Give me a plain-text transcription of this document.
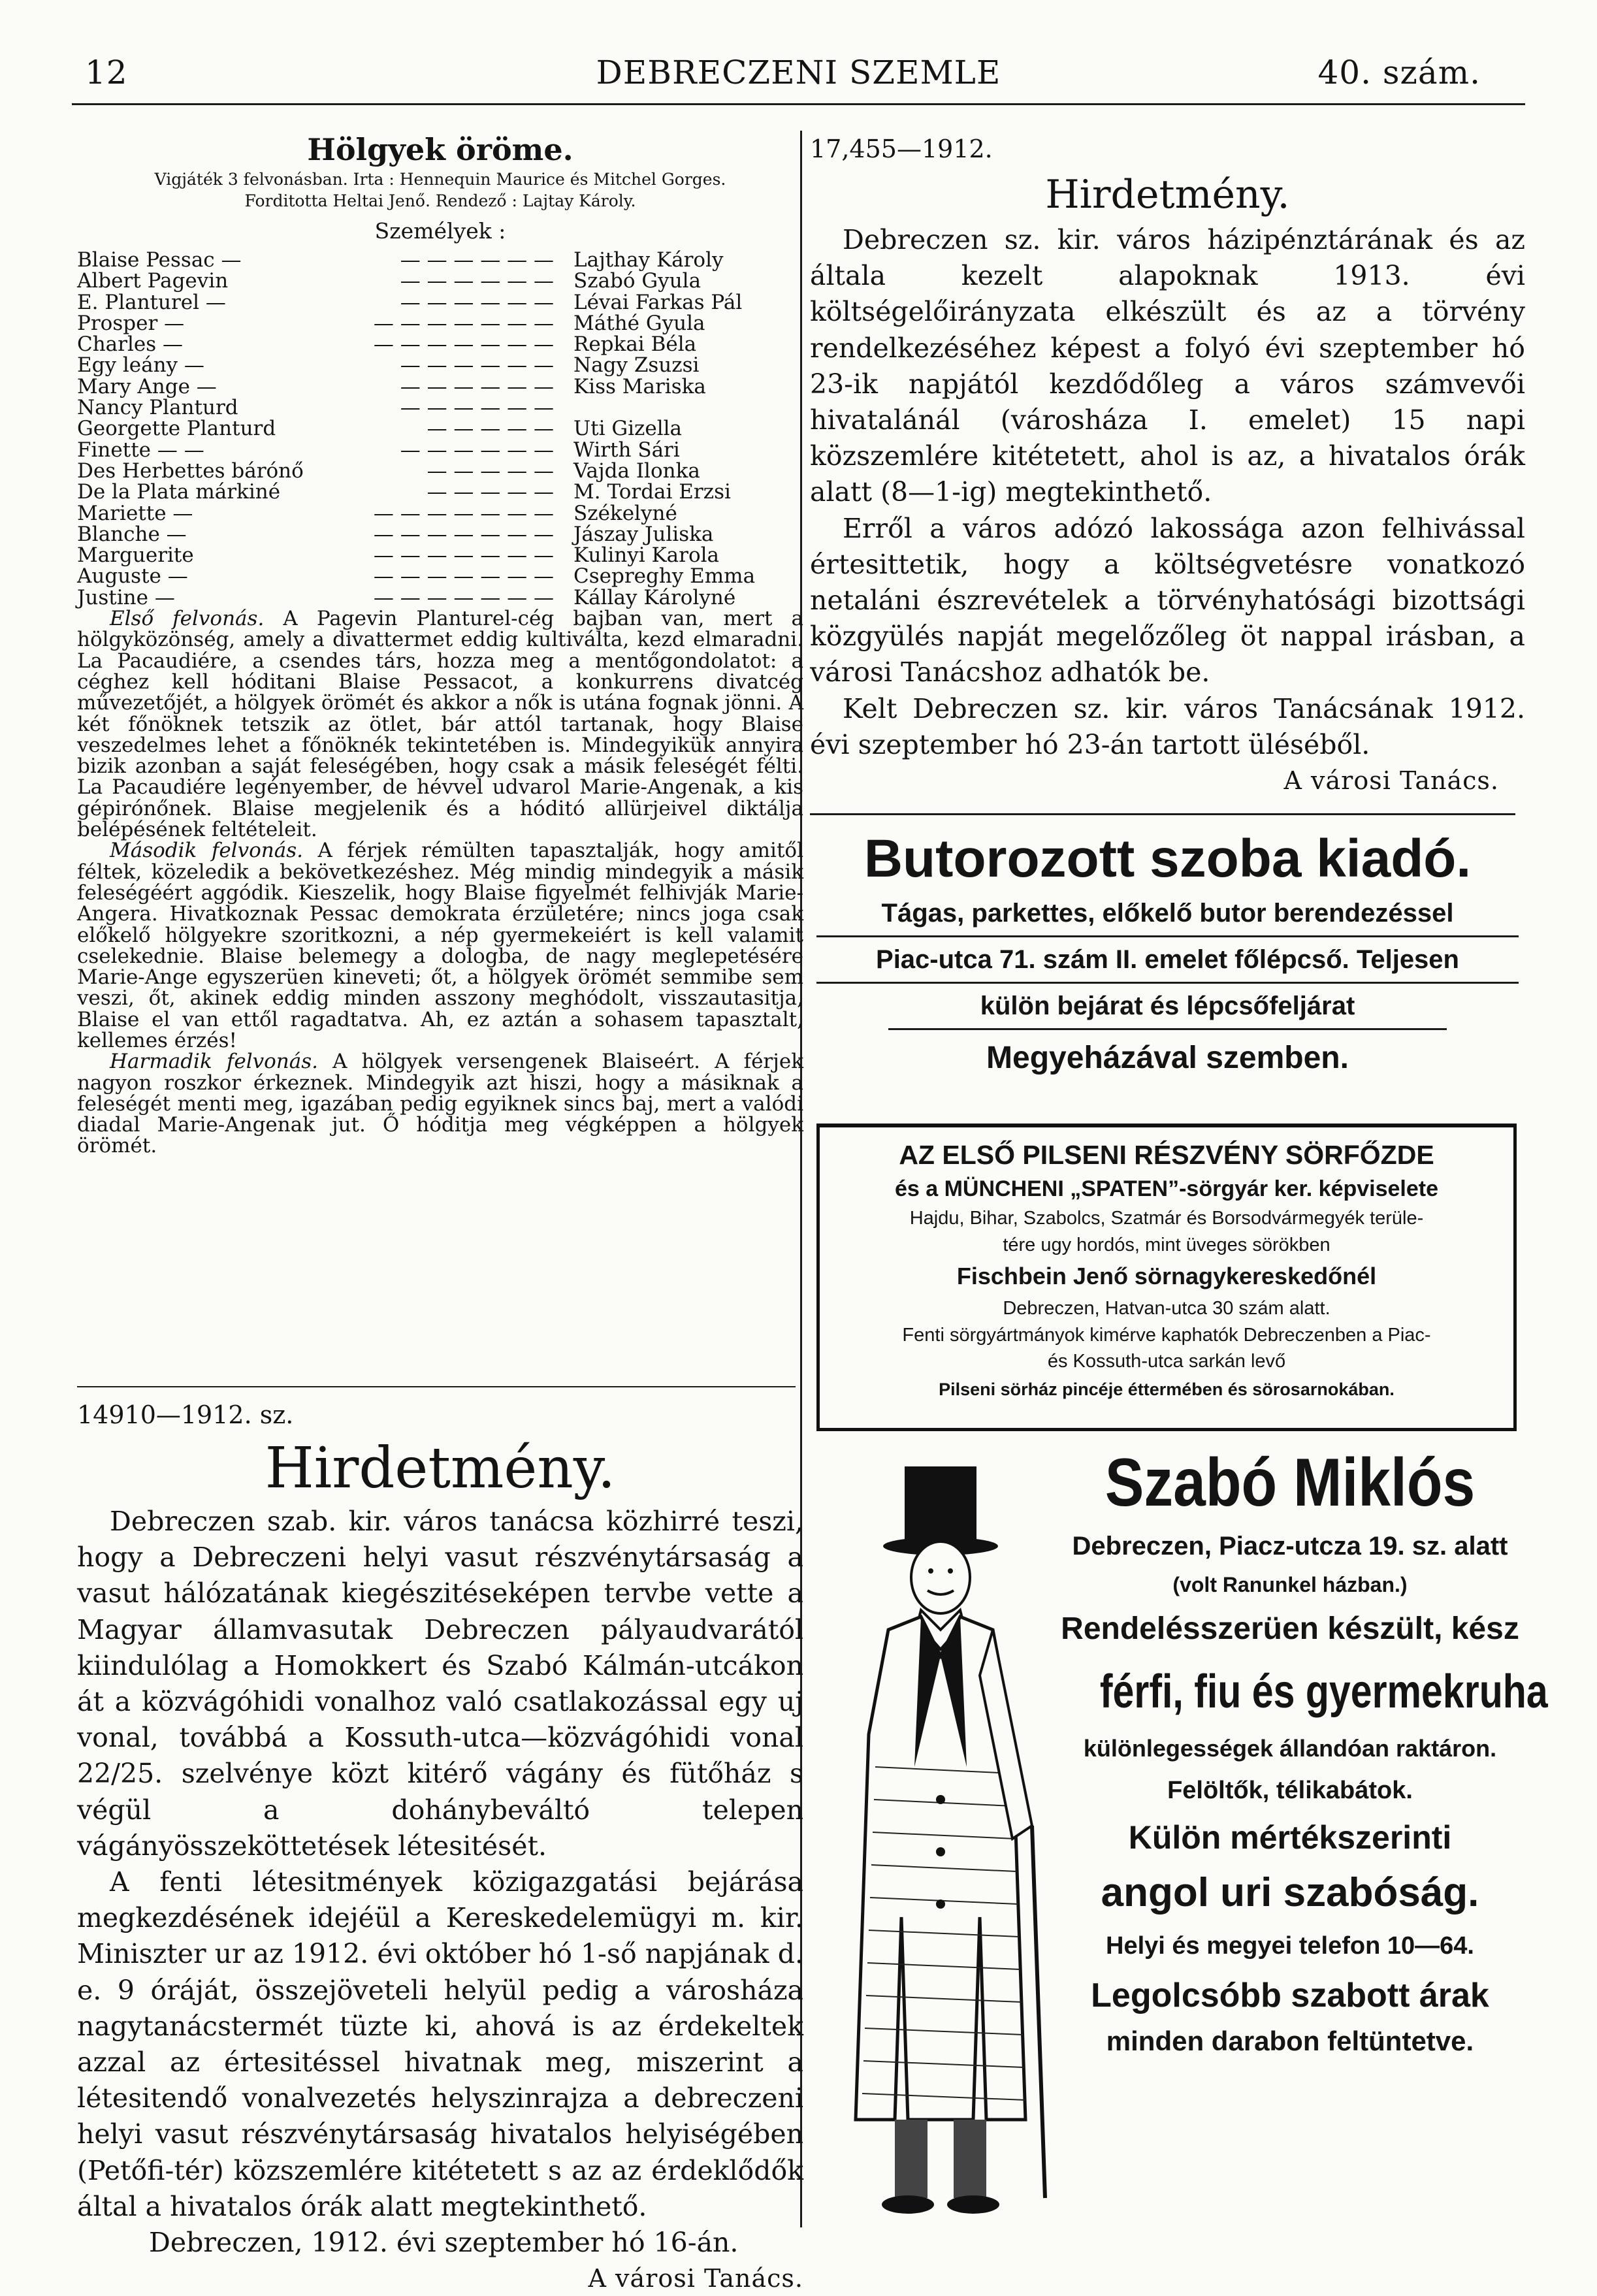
12	DEBRECZENI SZEMLE	40. szám.
Hölgyek öröme.
Vigjáték 3 felvonásban. Irta : Hennequin Maurice és Mitchel Gorges.
Forditotta Heltai Jenő. Rendező : Lajtay Károly.
Személyek :
Blaise Pessac —	— — — — — — Lajthay Károly
Albert Pagevin	— — — — — — Szabó Gyula
E. Planturel —	— — — — — — Lévai Farkas Pál
Prosper —	— — — — — — — Máthé Gyula
Charles —	— — — — — — — Repkai Béla
Egy leány —	— — — — — — Nagy Zsuzsi
Mary Ange —	— — — — — — Kiss Mariska
Nancy Planturd	— — — — — —
Georgette Planturd	— — — — — Uti Gizella
Finette — —	— — — — — — Wirth Sári
Des Herbettes bárónő	— — — — — Vajda Ilonka
De la Plata márkiné	— — — — — M. Tordai Erzsi
Mariette —	— — — — — — — Székelyné
Blanche —	— — — — — — — Jászay Juliska
Marguerite	— — — — — — — Kulinyi Karola
Auguste —	— — — — — — — Csepreghy Emma
Justine —	— — — — — — — Kállay Károlyné

Első felvonás. A Pagevin Planturel-cég bajban van, mert a hölgyközönség, amely a divattermet eddig kultiválta, kezd elmaradni. La Pacaudiére, a csendes társ, hozza meg a mentőgondolatot: a céghez kell hóditani Blaise Pessacot, a konkurrens divatcég művezetőjét, a hölgyek örömét és akkor a nők is utána fognak jönni. A két főnöknek tetszik az ötlet, bár attól tartanak, hogy Blaise veszedelmes lehet a főnöknék tekintetében is. Mindegyikük annyira bizik azonban a saját feleségében, hogy csak a másik feleségét félti. La Pacaudiére legényember, de hévvel udvarol Marie-Angenak, a kis gépirónőnek. Blaise megjelenik és a hóditó allürjeivel diktálja belépésének feltételeit.

Második felvonás. A férjek rémülten tapasztalják, hogy amitől féltek, közeledik a bekövetkezéshez. Még mindig mindegyik a másik feleségéért aggódik. Kieszelik, hogy Blaise figyelmét felhivják Marie-Angera. Hivatkoznak Pessac demokrata érzületére; nincs joga csak előkelő hölgyekre szoritkozni, a nép gyermekeiért is kell valamit cselekednie. Blaise belemegy a dologba, de nagy meglepetésére Marie-Ange egyszerüen kineveti; őt, a hölgyek örömét semmibe sem veszi, őt, akinek eddig minden asszony meghódolt, visszautasitja, Blaise el van ettől ragadtatva. Ah, ez aztán a sohasem tapasztalt, kellemes érzés!

Harmadik felvonás. A hölgyek versengenek Blaiseért. A férjek nagyon roszkor érkeznek. Mindegyik azt hiszi, hogy a másiknak a feleségét menti meg, igazában pedig egyiknek sincs baj, mert a valódi diadal Marie-Angenak jut. Ő hóditja meg végképpen a hölgyek örömét.

14910—1912. sz.
Hirdetmény.

Debreczen szab. kir. város tanácsa közhirré teszi, hogy a Debreczeni helyi vasut részvénytársaság a vasut hálózatának kiegészitéseképen tervbe vette a Magyar államvasutak Debreczen pályaudvarától kiindulólag a Homokkert és Szabó Kálmán-utcákon át a közvágóhidi vonalhoz való csatlakozással egy uj vonal, továbbá a Kossuth-utca—közvágóhidi vonal 22/25. szelvénye közt kitérő vágány és fütőház s végül a dohánybeváltó telepen vágányösszeköttetések létesitését.

A fenti létesitmények közigazgatási bejárása megkezdésének idejéül a Kereskedelemügyi m. kir. Miniszter ur az 1912. évi október hó 1-ső napjának d. e. 9 óráját, összejöveteli helyül pedig a városháza nagytanácstermét tüzte ki, ahová is az érdekeltek azzal az értesitéssel hivatnak meg, miszerint a létesitendő vonalvezetés helyszinrajza a debreczeni helyi vasut részvénytársaság hivatalos helyiségében (Petőfi-tér) közszemlére kitétetett s az az érdeklődők által a hivatalos órák alatt megtekinthető.

Debreczen, 1912. évi szeptember hó 16-án.

A városi Tanács.

17,455—1912.
Hirdetmény.

Debreczen sz. kir. város házipénztárának és az általa kezelt alapoknak 1913. évi költségelőirányzata elkészült és az a törvény rendelkezéséhez képest a folyó évi szeptember hó 23-ik napjától kezdődőleg a város számvevői hivatalánál (városháza I. emelet) 15 napi közszemlére kitétetett, ahol is az, a hivatalos órák alatt (8—1-ig) megtekinthető.

Erről a város adózó lakossága azon felhivással értesittetik, hogy a költségvetésre vonatkozó netaláni észrevételek a törvényhatósági bizottsági közgyülés napját megelőzőleg öt nappal irásban, a városi Tanácshoz adhatók be.

Kelt Debreczen sz. kir. város Tanácsának 1912. évi szeptember hó 23-án tartott üléséből.

A városi Tanács.

Butorozott szoba kiadó.
Tágas, parkettes, előkelő butor berendezéssel
Piac-utca 71. szám II. emelet főlépcső. Teljesen
külön bejárat és lépcsőfeljárat
Megyeházával szemben.
AZ ELSŐ PILSENI RÉSZVÉNY SÖRFŐZDE
és a MÜNCHENI „SPATEN”-sörgyár ker. képviselete
Hajdu, Bihar, Szabolcs, Szatmár és Borsodvármegyék terüle-
tére ugy hordós, mint üveges sörökben
Fischbein Jenő sörnagykereskedőnél
Debreczen, Hatvan-utca 30 szám alatt.
Fenti sörgyártmányok kimérve kaphatók Debreczenben a Piac-
és Kossuth-utca sarkán levő
Pilseni sörház pincéje éttermében és sörosarnokában.
Szabó Miklós
Debreczen, Piacz-utcza 19. sz. alatt
(volt Ranunkel házban.)
Rendelésszerüen készült, kész
férfi, fiu és gyermekruha
különlegességek állandóan raktáron.
Felöltők, télikabátok.
Külön mértékszerinti
angol uri szabóság.
Helyi és megyei telefon 10—64.
Legolcsóbb szabott árak
minden darabon feltüntetve.
